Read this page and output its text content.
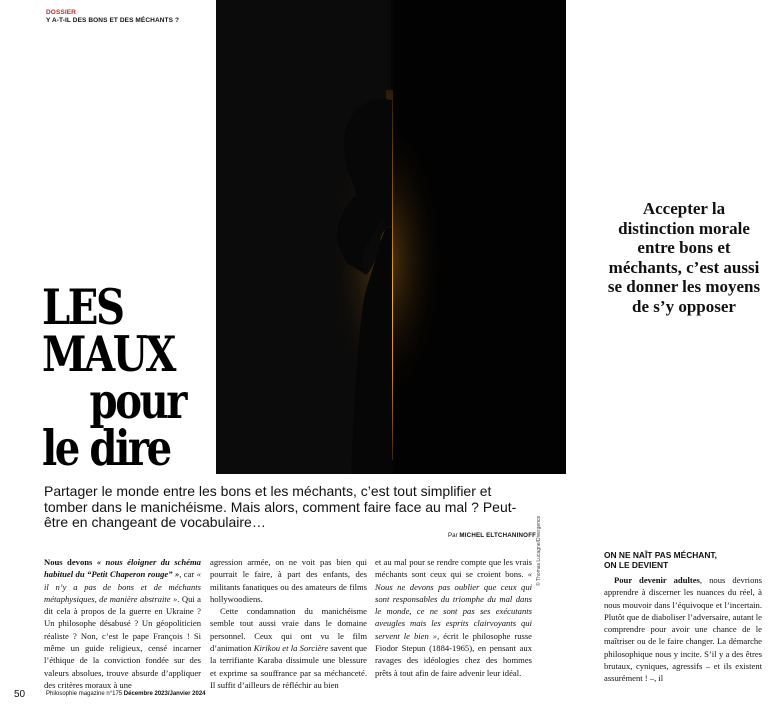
DOSSIER
Y A-T-IL DES BONS ET DES MÉCHANTS ?
LES
MAUX
pour
le dire
Accepter la distinction morale entre bons et méchants, c’est aussi se donner les moyens de s’y opposer
Partager le monde entre les bons et les méchants, c’est tout simplifier et tomber dans le manichéisme. Mais alors, comment faire face au mal ? Peut-être en changeant de vocabulaire…
Par MICHEL ELTCHANINOFF
Nous devons « nous éloigner du schéma habituel du “Petit Chaperon rouge” », car « il n’y a pas de bons et de méchants métaphysiques, de manière abstraite ». Qui a dit cela à propos de la guerre en Ukraine ? Un philosophe désabusé ? Un géopoliticien réaliste ? Non, c’est le pape François ! Si même un guide religieux, censé incarner l’éthique de la conviction fondée sur des valeurs absolues, trouve absurde d’appliquer des critères moraux à une
agression armée, on ne voit pas bien qui pourrait le faire, à part des enfants, des militants fanatiques ou des amateurs de films hollywoodiens.
Cette condamnation du manichéisme semble tout aussi vraie dans le domaine personnel. Ceux qui ont vu le film d’animation Kirikou et la Sorcière savent que la terrifiante Karaba dissimule une blessure et exprime sa souffrance par sa méchanceté. Il suffit d’ailleurs de réfléchir au bien
et au mal pour se rendre compte que les vrais méchants sont ceux qui se croient bons. « Nous ne devons pas oublier que ceux qui sont responsables du triomphe du mal dans le monde, ce ne sont pas ses exécutants aveugles mais les esprits clairvoyants qui servent le bien », écrit le philosophe russe Fiodor Stepun (1884-1965), en pensant aux ravages des idéologies chez des hommes prêts à tout afin de faire advenir leur idéal.
© Thomas Lucagne/Divergence	ON NE NAÎT PAS MÉCHANT,
ON LE DEVIENT
Pour devenir adultes, nous devrions apprendre à discerner les nuances du réel, à nous mouvoir dans l’équivoque et l’incertain. Plutôt que de diaboliser l’adversaire, autant le comprendre pour avoir une chance de le maîtriser ou de le faire changer. La démarche philosophique nous y incite. S’il y a des êtres brutaux, cyniques, agressifs – et ils existent assurément ! –, il
50	Philosophie magazine n°175 Décembre 2023/Janvier 2024
